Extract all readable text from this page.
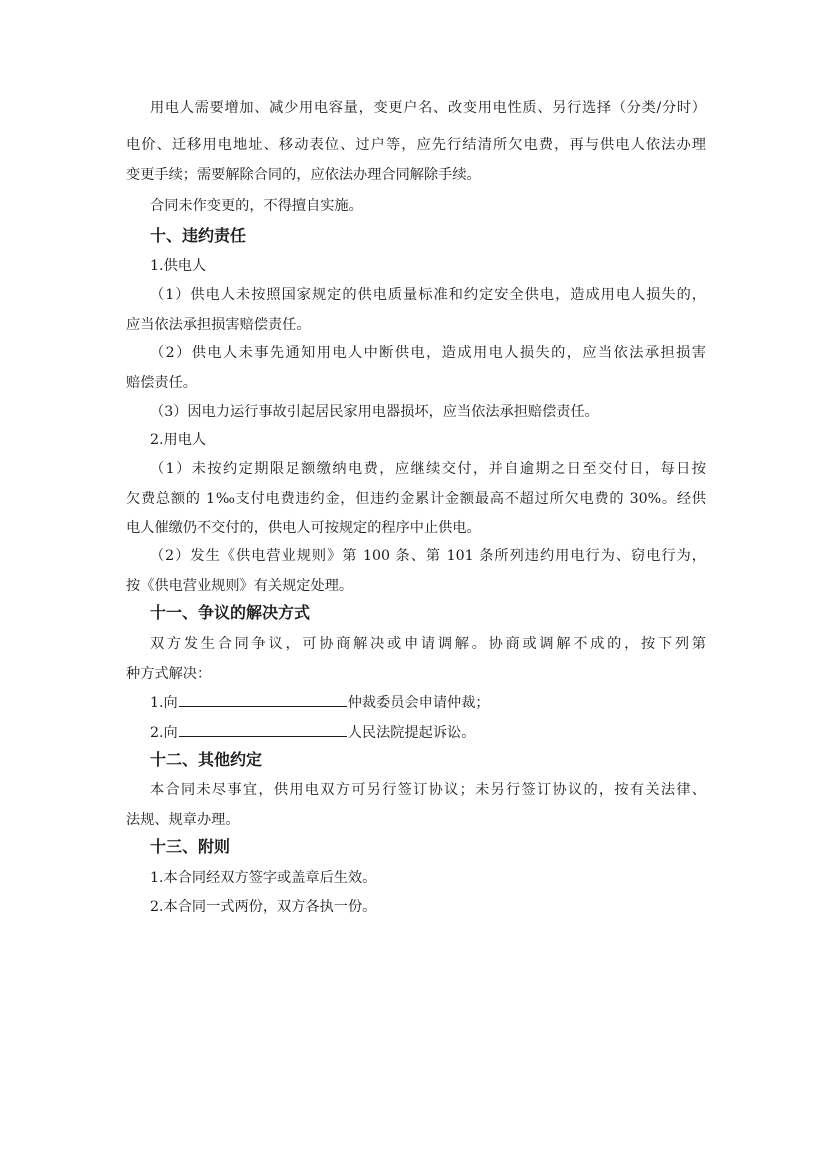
用电人需要增加、减少用电容量，变更户名、改变用电性质、另行选择（分类/分时）
电价、迁移用电地址、移动表位、过户等，应先行结清所欠电费，再与供电人依法办理
变更手续；需要解除合同的，应依法办理合同解除手续。
合同未作变更的，不得擅自实施。
十、违约责任
1.供电人
（1）供电人未按照国家规定的供电质量标准和约定安全供电，造成用电人损失的，
应当依法承担损害赔偿责任。
（2）供电人未事先通知用电人中断供电，造成用电人损失的，应当依法承担损害
赔偿责任。
（3）因电力运行事故引起居民家用电器损坏，应当依法承担赔偿责任。
2.用电人
（1）未按约定期限足额缴纳电费，应继续交付，并自逾期之日至交付日，每日按
欠费总额的 1‰支付电费违约金，但违约金累计金额最高不超过所欠电费的 30%。经供
电人催缴仍不交付的，供电人可按规定的程序中止供电。
（2）发生《供电营业规则》第 100 条、第 101 条所列违约用电行为、窃电行为，
按《供电营业规则》有关规定处理。
十一、争议的解决方式
双方发生合同争议，可协商解决或申请调解。协商或调解不成的，按下列第
种方式解决：
1.向	仲裁委员会申请仲裁；
2.向	人民法院提起诉讼。
十二、其他约定
本合同未尽事宜，供用电双方可另行签订协议；未另行签订协议的，按有关法律、
法规、规章办理。
十三、附则
1.本合同经双方签字或盖章后生效。
2.本合同一式两份，双方各执一份。
